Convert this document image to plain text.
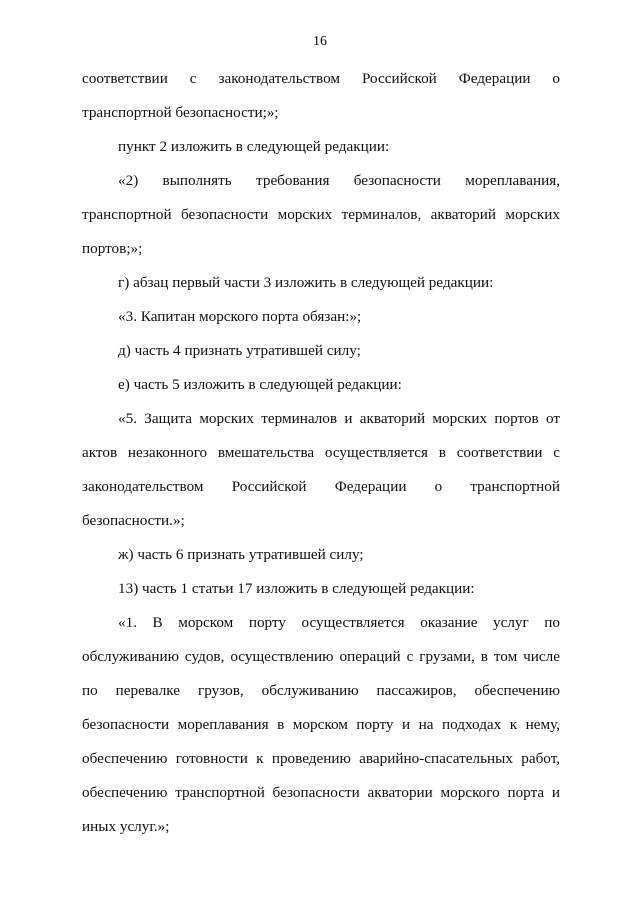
16

соответствии с законодательством Российской Федерации о транспортной безопасности;»;

пункт 2 изложить в следующей редакции:

«2) выполнять требования безопасности мореплавания, транспортной безопасности морских терминалов, акваторий морских портов;»;

г) абзац первый части 3 изложить в следующей редакции:

«3. Капитан морского порта обязан:»;

д) часть 4 признать утратившей силу;

е) часть 5 изложить в следующей редакции:

«5. Защита морских терминалов и акваторий морских портов от актов незаконного вмешательства осуществляется в соответствии с законодательством Российской Федерации о транспортной безопасности.»;

ж) часть 6 признать утратившей силу;

13) часть 1 статьи 17 изложить в следующей редакции:

«1. В морском порту осуществляется оказание услуг по обслуживанию судов, осуществлению операций с грузами, в том числе по перевалке грузов, обслуживанию пассажиров, обеспечению безопасности мореплавания в морском порту и на подходах к нему, обеспечению готовности к проведению аварийно-спасательных работ, обеспечению транспортной безопасности акватории морского порта и иных услуг.»;
